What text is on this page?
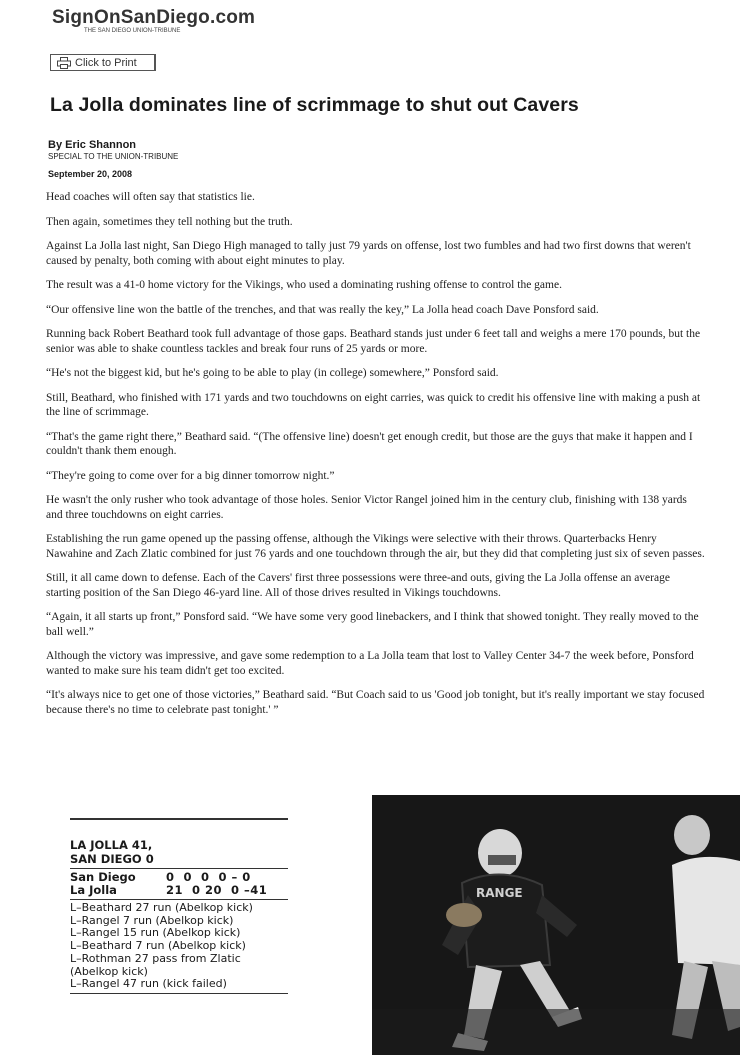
SignOnSanDiego.com
THE SAN DIEGO UNION-TRIBUNE
Click to Print
La Jolla dominates line of scrimmage to shut out Cavers
By Eric Shannon
SPECIAL TO THE UNION-TRIBUNE
September 20, 2008

Head coaches will often say that statistics lie.

Then again, sometimes they tell nothing but the truth.

Against La Jolla last night, San Diego High managed to tally just 79 yards on offense, lost two fumbles and had two first downs that weren't caused by penalty, both coming with about eight minutes to play.

The result was a 41-0 home victory for the Vikings, who used a dominating rushing offense to control the game.

“Our offensive line won the battle of the trenches, and that was really the key,” La Jolla head coach Dave Ponsford said.

Running back Robert Beathard took full advantage of those gaps. Beathard stands just under 6 feet tall and weighs a mere 170 pounds, but the senior was able to shake countless tackles and break four runs of 25 yards or more.

“He's not the biggest kid, but he's going to be able to play (in college) somewhere,” Ponsford said.

Still, Beathard, who finished with 171 yards and two touchdowns on eight carries, was quick to credit his offensive line with making a push at the line of scrimmage.

“That's the game right there,” Beathard said. “(The offensive line) doesn't get enough credit, but those are the guys that make it happen and I couldn't thank them enough.

“They're going to come over for a big dinner tomorrow night.”

He wasn't the only rusher who took advantage of those holes. Senior Victor Rangel joined him in the century club, finishing with 138 yards and three touchdowns on eight carries.

Establishing the run game opened up the passing offense, although the Vikings were selective with their throws. Quarterbacks Henry Nawahine and Zach Zlatic combined for just 76 yards and one touchdown through the air, but they did that completing just six of seven passes.

Still, it all came down to defense. Each of the Cavers' first three possessions were three-and outs, giving the La Jolla offense an average starting position of the San Diego 46-yard line. All of those drives resulted in Vikings touchdowns.

“Again, it all starts up front,” Ponsford said. “We have some very good linebackers, and I think that showed tonight. They really moved to the ball well.”

Although the victory was impressive, and gave some redemption to a La Jolla team that lost to Valley Center 34-7 the week before, Ponsford wanted to make sure his team didn't get too excited.

“It's always nice to get one of those victories,” Beathard said. “But Coach said to us 'Good job tonight, but it's really important we stay focused because there's no time to celebrate past tonight.' ”

LA JOLLA 41,
SAN DIEGO 0
San Diego	0  0  0  0 – 0
La Jolla	21  0 20  0 –41
L–Beathard 27 run (Abelkop kick)
L–Rangel 7 run (Abelkop kick)
L–Rangel 15 run (Abelkop kick)
L–Beathard 7 run (Abelkop kick)
L–Rothman 27 pass from Zlatic
(Abelkop kick)
L–Rangel 47 run (kick failed)
RANGE
